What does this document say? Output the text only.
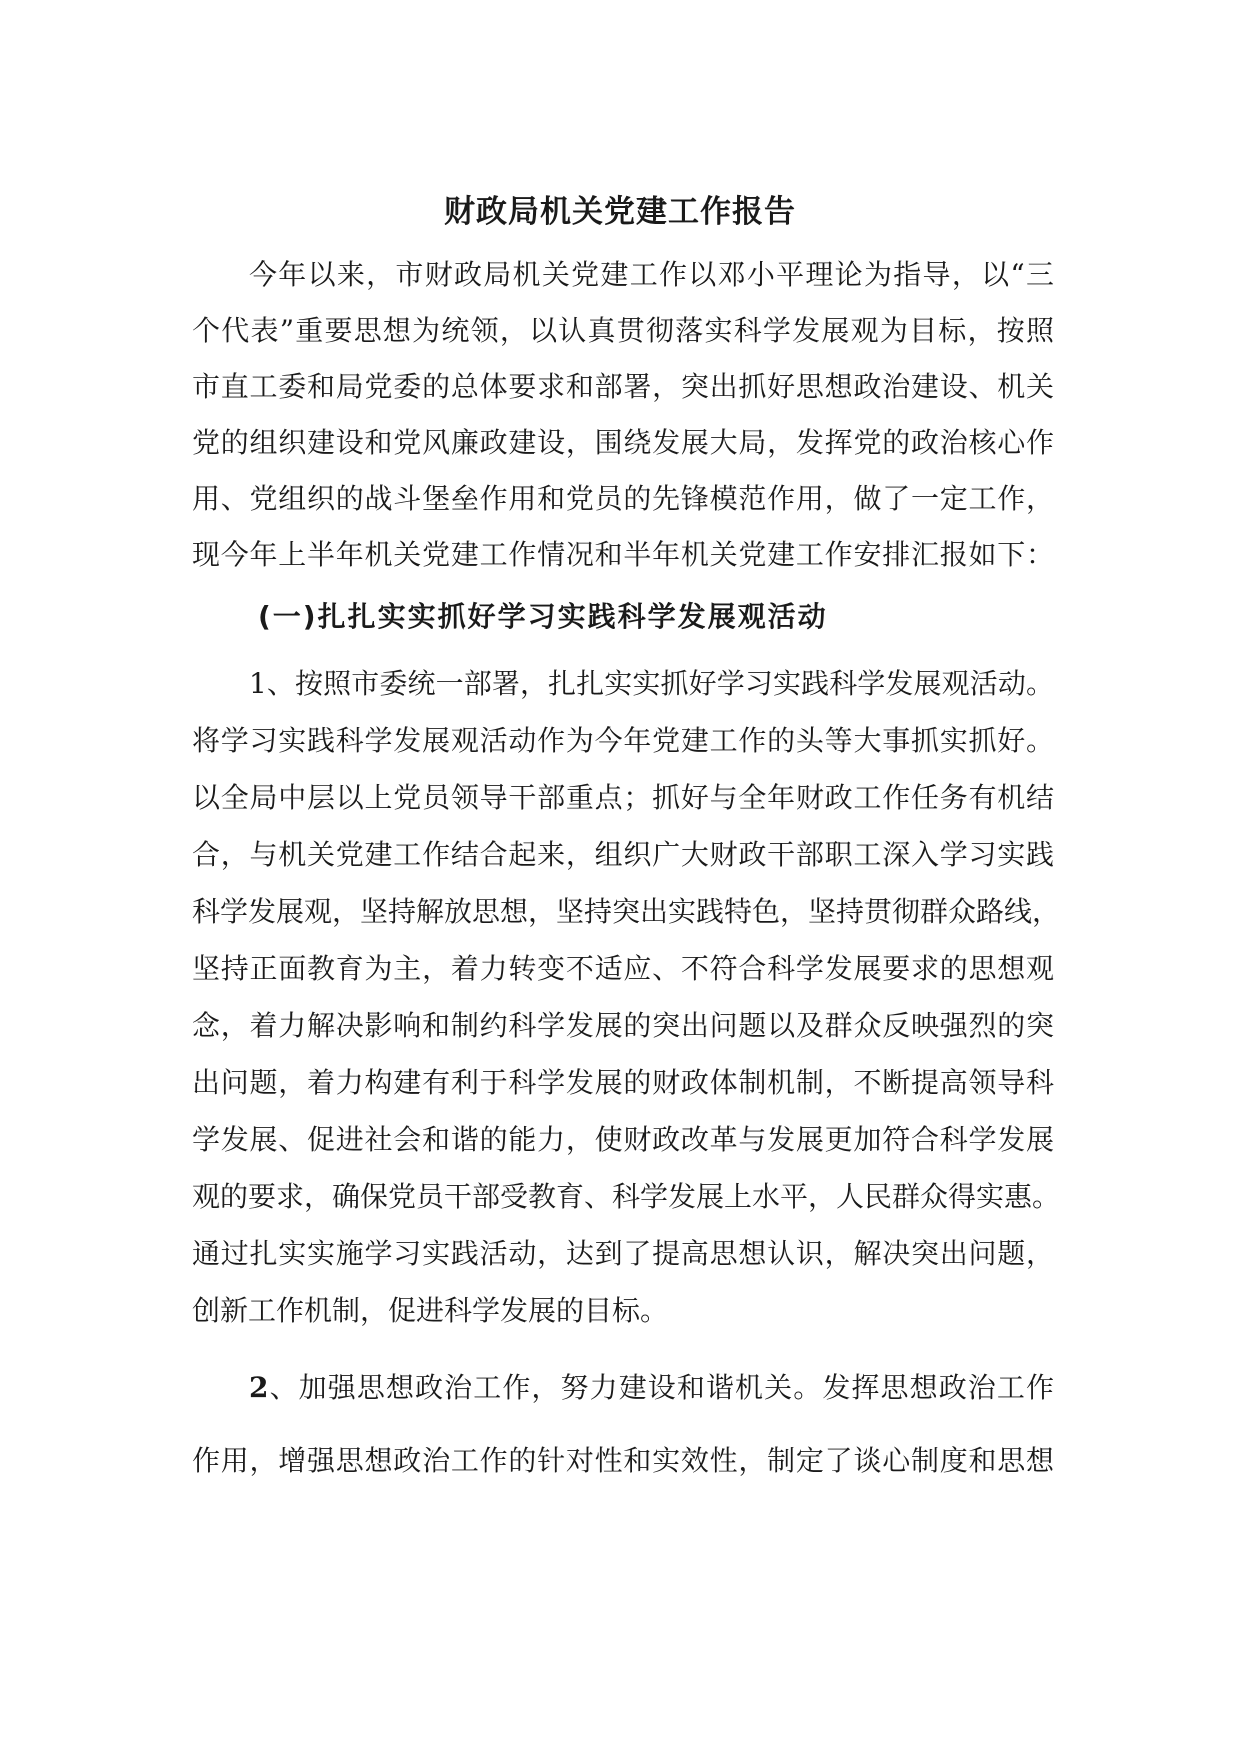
财政局机关党建工作报告
今年以来，市财政局机关党建工作以邓小平理论为指导，以“三
个代表”重要思想为统领，以认真贯彻落实科学发展观为目标，按照
市直工委和局党委的总体要求和部署，突出抓好思想政治建设、机关
党的组织建设和党风廉政建设，围绕发展大局，发挥党的政治核心作
用、党组织的战斗堡垒作用和党员的先锋模范作用，做了一定工作，
现今年上半年机关党建工作情况和半年机关党建工作安排汇报如下：
(一)扎扎实实抓好学习实践科学发展观活动
1、按照市委统一部署，扎扎实实抓好学习实践科学发展观活动。
将学习实践科学发展观活动作为今年党建工作的头等大事抓实抓好。
以全局中层以上党员领导干部重点；抓好与全年财政工作任务有机结
合，与机关党建工作结合起来，组织广大财政干部职工深入学习实践
科学发展观，坚持解放思想，坚持突出实践特色，坚持贯彻群众路线，
坚持正面教育为主，着力转变不适应、不符合科学发展要求的思想观
念，着力解决影响和制约科学发展的突出问题以及群众反映强烈的突
出问题，着力构建有利于科学发展的财政体制机制，不断提高领导科
学发展、促进社会和谐的能力，使财政改革与发展更加符合科学发展
观的要求，确保党员干部受教育、科学发展上水平，人民群众得实惠。
通过扎实实施学习实践活动，达到了提高思想认识，解决突出问题，
创新工作机制，促进科学发展的目标。
2、加强思想政治工作，努力建设和谐机关。发挥思想政治工作
作用，增强思想政治工作的针对性和实效性，制定了谈心制度和思想
